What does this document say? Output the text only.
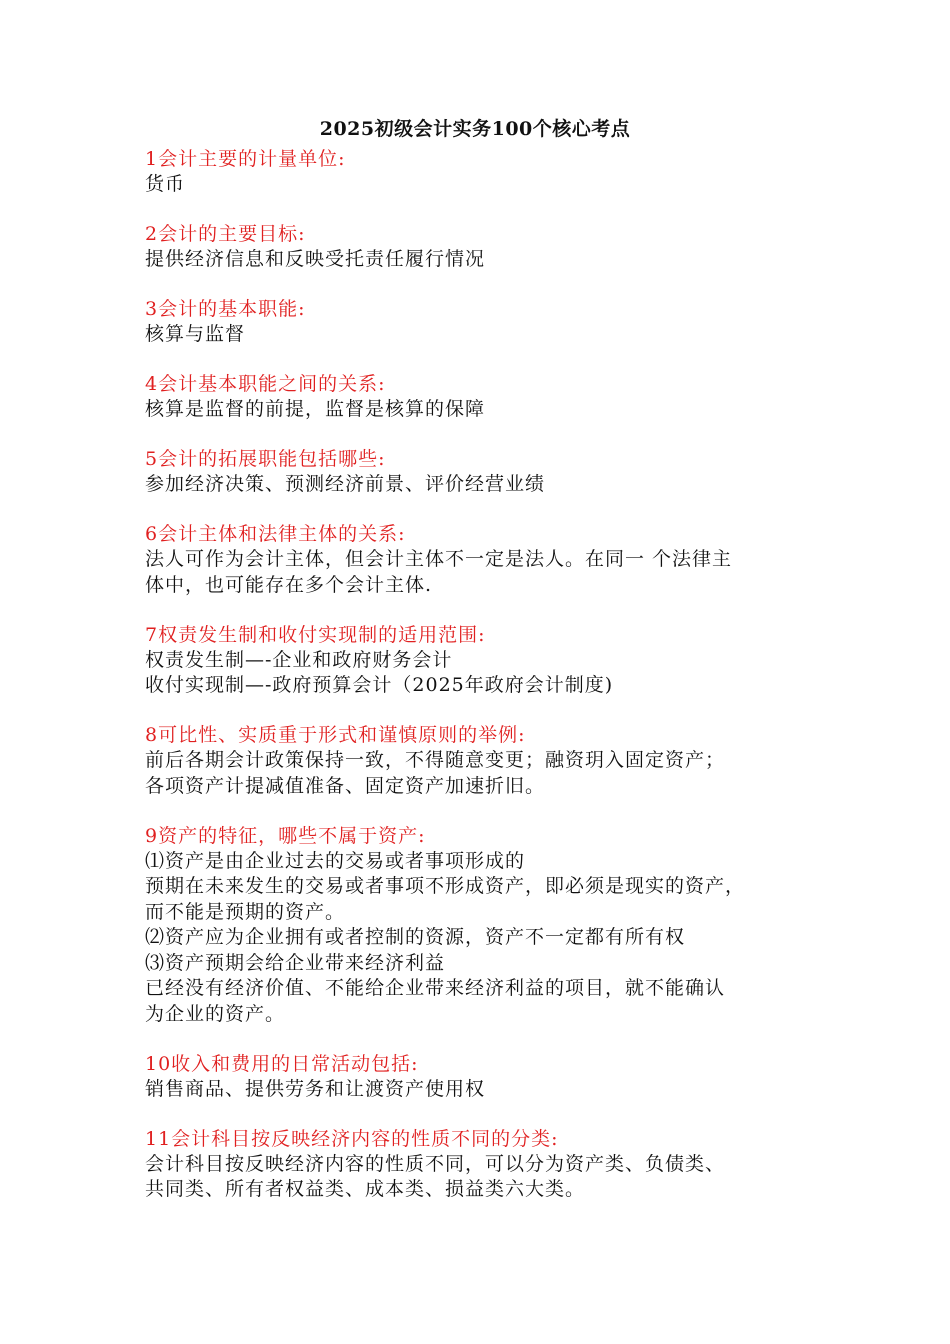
2025初级会计实务100个核心考点
1会计主要的计量单位:
货币
2会计的主要目标:
提供经济信息和反映受托责任履行情况
3会计的基本职能:
核算与监督
4会计基本职能之间的关系:
核算是监督的前提，监督是核算的保障
5会计的拓展职能包括哪些:
参加经济决策、预测经济前景、评价经营业绩
6会计主体和法律主体的关系:
法人可作为会计主体，但会计主体不一定是法人。在同一 个法律主
体中，也可能存在多个会计主体.
7权责发生制和收付实现制的适用范围:
权责发生制—-企业和政府财务会计
收付实现制—-政府预算会计（2025年政府会计制度)
8可比性、实质重于形式和谨慎原则的举例:
前后各期会计政策保持一致，不得随意变更；融资玥入固定资产；
各项资产计提减值准备、固定资产加速折旧。
9资产的特征，哪些不属于资产:
⑴资产是由企业过去的交易或者事项形成的
预期在未来发生的交易或者事项不形成资产，即必须是现实的资产，
而不能是预期的资产。
⑵资产应为企业拥有或者控制的资源，资产不一定都有所有权
⑶资产预期会给企业带来经济利益
已经没有经济价值、不能给企业带来经济利益的项目，就不能确认
为企业的资产。
10收入和费用的日常活动包括:
销售商品、提供劳务和让渡资产使用权
11会计科目按反映经济内容的性质不同的分类:
会计科目按反映经济内容的性质不同，可以分为资产类、负债类、
共同类、所有者权益类、成本类、损益类六大类。
